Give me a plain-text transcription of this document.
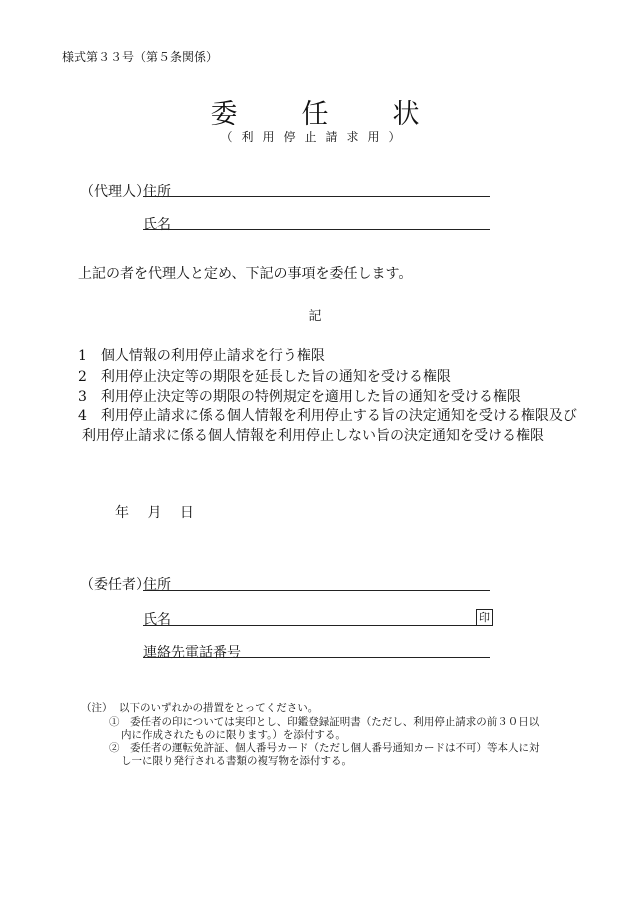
様式第３３号（第５条関係）
委 任 状
（利用停止請求用）
（代理人）
住所
氏名
上記の者を代理人と定め、下記の事項を委任します。
記
1　個人情報の利用停止請求を行う権限
2　利用停止決定等の期限を延長した旨の通知を受ける権限
3　利用停止決定等の期限の特例規定を適用した旨の通知を受ける権限
4　利用停止請求に係る個人情報を利用停止する旨の決定通知を受ける権限及び
利用停止請求に係る個人情報を利用停止しない旨の決定通知を受ける権限
年 月 日
（委任者）
住所
氏名	印
連絡先電話番号
（注） 以下のいずれかの措置をとってください。
①　委任者の印については実印とし、印鑑登録証明書（ただし、利用停止請求の前３０日以
内に作成されたものに限ります。）を添付する。
②　委任者の運転免許証、個人番号カード（ただし個人番号通知カードは不可）等本人に対
し一に限り発行される書類の複写物を添付する。
